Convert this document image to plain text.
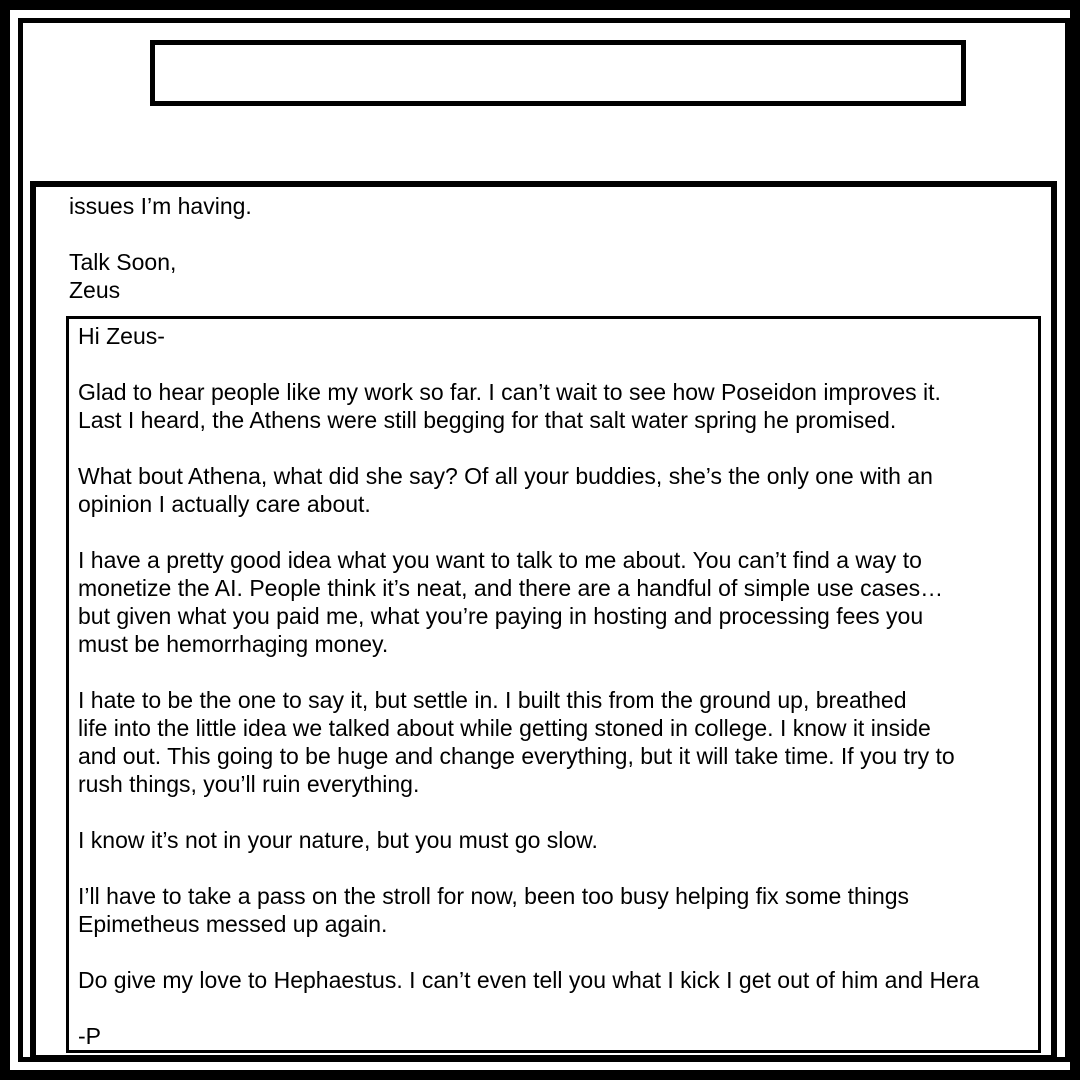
issues I’m having.

Talk Soon,

Zeus

Hi Zeus-
Glad to hear people like my work so far. I can’t wait to see how Poseidon improves it.
Last I heard, the Athens were still begging for that salt water spring he promised.
What bout Athena, what did she say? Of all your buddies, she’s the only one with an
opinion I actually care about.
I have a pretty good idea what you want to talk to me about. You can’t find a way to
monetize the AI. People think it’s neat, and there are a handful of simple use cases…
but given what you paid me, what you’re paying in hosting and processing fees you
must be hemorrhaging money.
I hate to be the one to say it, but settle in. I built this from the ground up, breathed
life into the little idea we talked about while getting stoned in college. I know it inside
and out. This going to be huge and change everything, but it will take time. If you try to
rush things, you’ll ruin everything.
I know it’s not in your nature, but you must go slow.
I’ll have to take a pass on the stroll for now, been too busy helping fix some things
Epimetheus messed up again.
Do give my love to Hephaestus. I can’t even tell you what I kick I get out of him and Hera
-P
